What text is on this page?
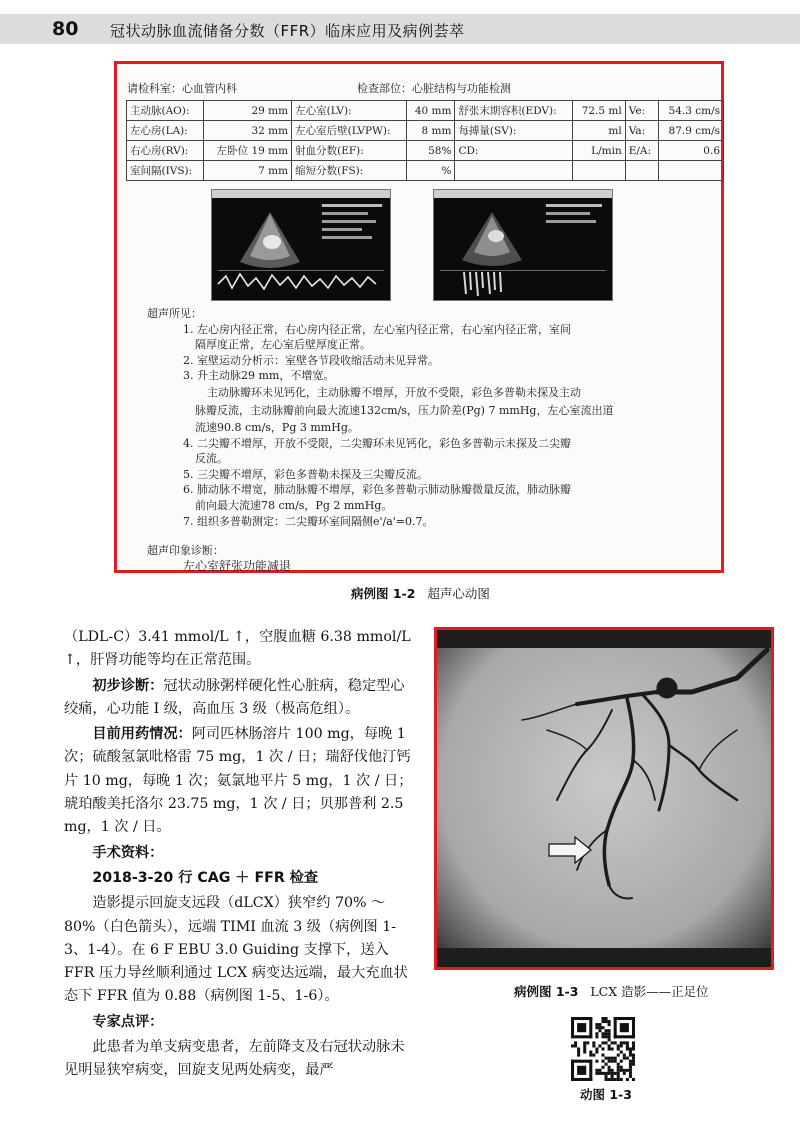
80 冠状动脉血流储备分数（FFR）临床应用及病例荟萃
请检科室：心血管内科	检查部位：心脏结构与功能检测
主动脉(AO):	29 mm	左心室(LV):	40 mm	舒张末期容积(EDV):	72.5 ml	Ve:	54.3 cm/s
左心房(LA):	32 mm	左心室后壁(LVPW):	8 mm	每搏量(SV):	ml	Va:	87.9 cm/s
右心房(RV):	左卧位 19 mm	射血分数(EF):	58%	CD:	L/min	E/A:	0.6
室间隔(IVS):	7 mm	缩短分数(FS):	%				
超声所见：
1. 左心房内径正常，右心房内径正常，左心室内径正常，右心室内径正常，室间
隔厚度正常，左心室后壁厚度正常。
2. 室壁运动分析示：室壁各节段收缩活动未见异常。
3. 升主动脉29 mm，不增宽。
主动脉瓣环未见钙化，主动脉瓣不增厚，开放不受限，彩色多普勒未探及主动
脉瓣反流，主动脉瓣前向最大流速132cm/s，压力阶差(Pg) 7 mmHg，左心室流出道
流速90.8 cm/s，Pg 3 mmHg。
4. 二尖瓣不增厚，开放不受限，二尖瓣环未见钙化，彩色多普勒示未探及二尖瓣
反流。
5. 三尖瓣不增厚，彩色多普勒未探及三尖瓣反流。
6. 肺动脉不增宽，肺动脉瓣不增厚，彩色多普勒示肺动脉瓣微量反流，肺动脉瓣
前向最大流速78 cm/s，Pg 2 mmHg。
7. 组织多普勒测定：二尖瓣环室间隔侧e'/a'=0.7。
超声印象诊断：
左心室舒张功能减退
病例图 1-2 超声心动图

（LDL-C）3.41 mmol/L ↑，空腹血糖 6.38 mmol/L ↑，肝肾功能等均在正常范围。

初步诊断：冠状动脉粥样硬化性心脏病，稳定型心绞痛，心功能 I 级，高血压 3 级（极高危组）。

目前用药情况：阿司匹林肠溶片 100 mg，每晚 1 次；硫酸氢氯吡格雷 75 mg，1 次 / 日；瑞舒伐他汀钙片 10 mg，每晚 1 次；氨氯地平片 5 mg，1 次 / 日；琥珀酸美托洛尔 23.75 mg，1 次 / 日；贝那普利 2.5 mg，1 次 / 日。

手术资料：

2018-3-20 行 CAG ＋ FFR 检查

造影提示回旋支远段（dLCX）狭窄约 70% ～ 80%（白色箭头），远端 TIMI 血流 3 级（病例图 1-3、1-4）。在 6 F EBU 3.0 Guiding 支撑下，送入 FFR 压力导丝顺利通过 LCX 病变达远端，最大充血状态下 FFR 值为 0.88（病例图 1-5、1-6）。

专家点评：

此患者为单支病变患者，左前降支及右冠状动脉未见明显狭窄病变，回旋支见两处病变，最严

病例图 1-3 LCX 造影——正足位
动图 1-3
